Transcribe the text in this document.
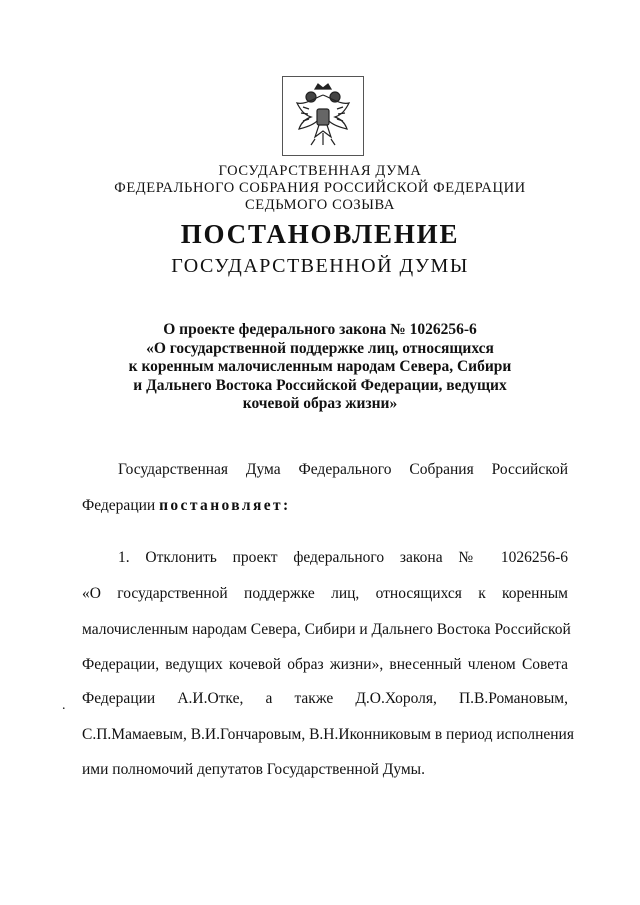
ГОСУДАРСТВЕННАЯ ДУМА
ФЕДЕРАЛЬНОГО СОБРАНИЯ РОССИЙСКОЙ ФЕДЕРАЦИИ
СЕДЬМОГО СОЗЫВА
ПОСТАНОВЛЕНИЕ
ГОСУДАРСТВЕННОЙ ДУМЫ
О проекте федерального закона № 1026256-6
«О государственной поддержке лиц, относящихся
к коренным малочисленным народам Севера, Сибири
и Дальнего Востока Российской Федерации, ведущих
кочевой образ жизни»
Государственная Дума Федерального Собрания Российской
Федерации постановляет:
1. Отклонить проект федерального закона № 1026256-6
«О государственной поддержке лиц, относящихся к коренным
малочисленным народам Севера, Сибири и Дальнего Востока Российской
Федерации, ведущих кочевой образ жизни», внесенный членом Совета
. Федерации А.И.Отке, а также Д.О.Хороля, П.В.Романовым,
С.П.Мамаевым, В.И.Гончаровым, В.Н.Иконниковым в период исполнения
ими полномочий депутатов Государственной Думы.
